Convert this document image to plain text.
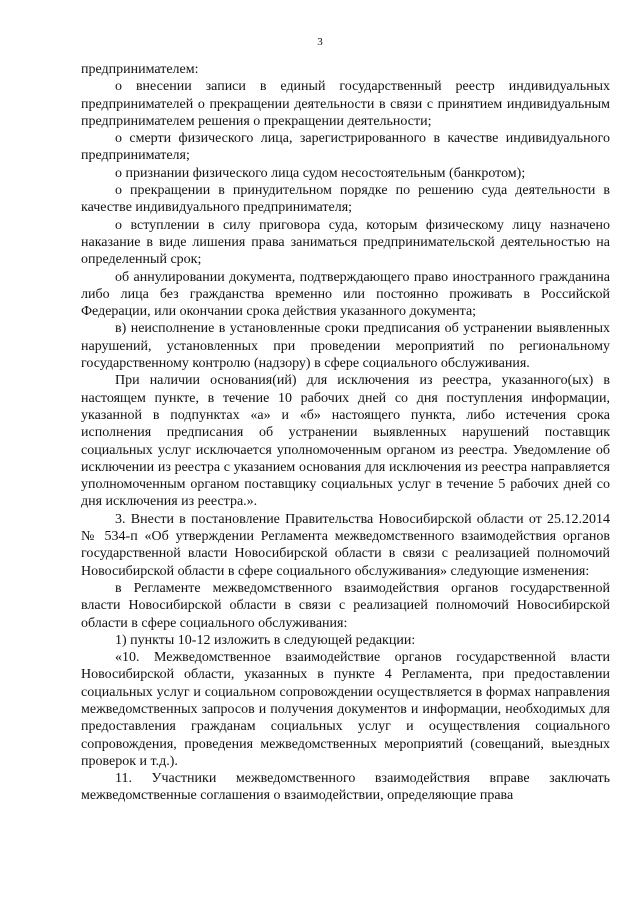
3

предпринимателем:

о внесении записи в единый государственный реестр индивидуальных предпринимателей о прекращении деятельности в связи с принятием индивидуальным предпринимателем решения о прекращении деятельности;

о смерти физического лица, зарегистрированного в качестве индивидуального предпринимателя;

о признании физического лица судом несостоятельным (банкротом);

о прекращении в принудительном порядке по решению суда деятельности в качестве индивидуального предпринимателя;

о вступлении в силу приговора суда, которым физическому лицу назначено наказание в виде лишения права заниматься предпринимательской деятельностью на определенный срок;

об аннулировании документа, подтверждающего право иностранного гражданина либо лица без гражданства временно или постоянно проживать в Российской Федерации, или окончании срока действия указанного документа;

в) неисполнение в установленные сроки предписания об устранении выявленных нарушений, установленных при проведении мероприятий по региональному государственному контролю (надзору) в сфере социального обслуживания.

При наличии основания(ий) для исключения из реестра, указанного(ых) в настоящем пункте, в течение 10 рабочих дней со дня поступления информации, указанной в подпунктах «а» и «б» настоящего пункта, либо истечения срока исполнения предписания об устранении выявленных нарушений поставщик социальных услуг исключается уполномоченным органом из реестра. Уведомление об исключении из реестра с указанием основания для исключения из реестра направляется уполномоченным органом поставщику социальных услуг в течение 5 рабочих дней со дня исключения из реестра.».

3. Внести в постановление Правительства Новосибирской области от 25.12.2014 № 534-п «Об утверждении Регламента межведомственного взаимодействия органов государственной власти Новосибирской области в связи с реализацией полномочий Новосибирской области в сфере социального обслуживания» следующие изменения:

в Регламенте межведомственного взаимодействия органов государственной власти Новосибирской области в связи с реализацией полномочий Новосибирской области в сфере социального обслуживания:

1) пункты 10-12 изложить в следующей редакции:

«10. Межведомственное взаимодействие органов государственной власти Новосибирской области, указанных в пункте 4 Регламента, при предоставлении социальных услуг и социальном сопровождении осуществляется в формах направления межведомственных запросов и получения документов и информации, необходимых для предоставления гражданам социальных услуг и осуществления социального сопровождения, проведения межведомственных мероприятий (совещаний, выездных проверок и т.д.).

11. Участники межведомственного взаимодействия вправе заключать межведомственные соглашения о взаимодействии, определяющие права
